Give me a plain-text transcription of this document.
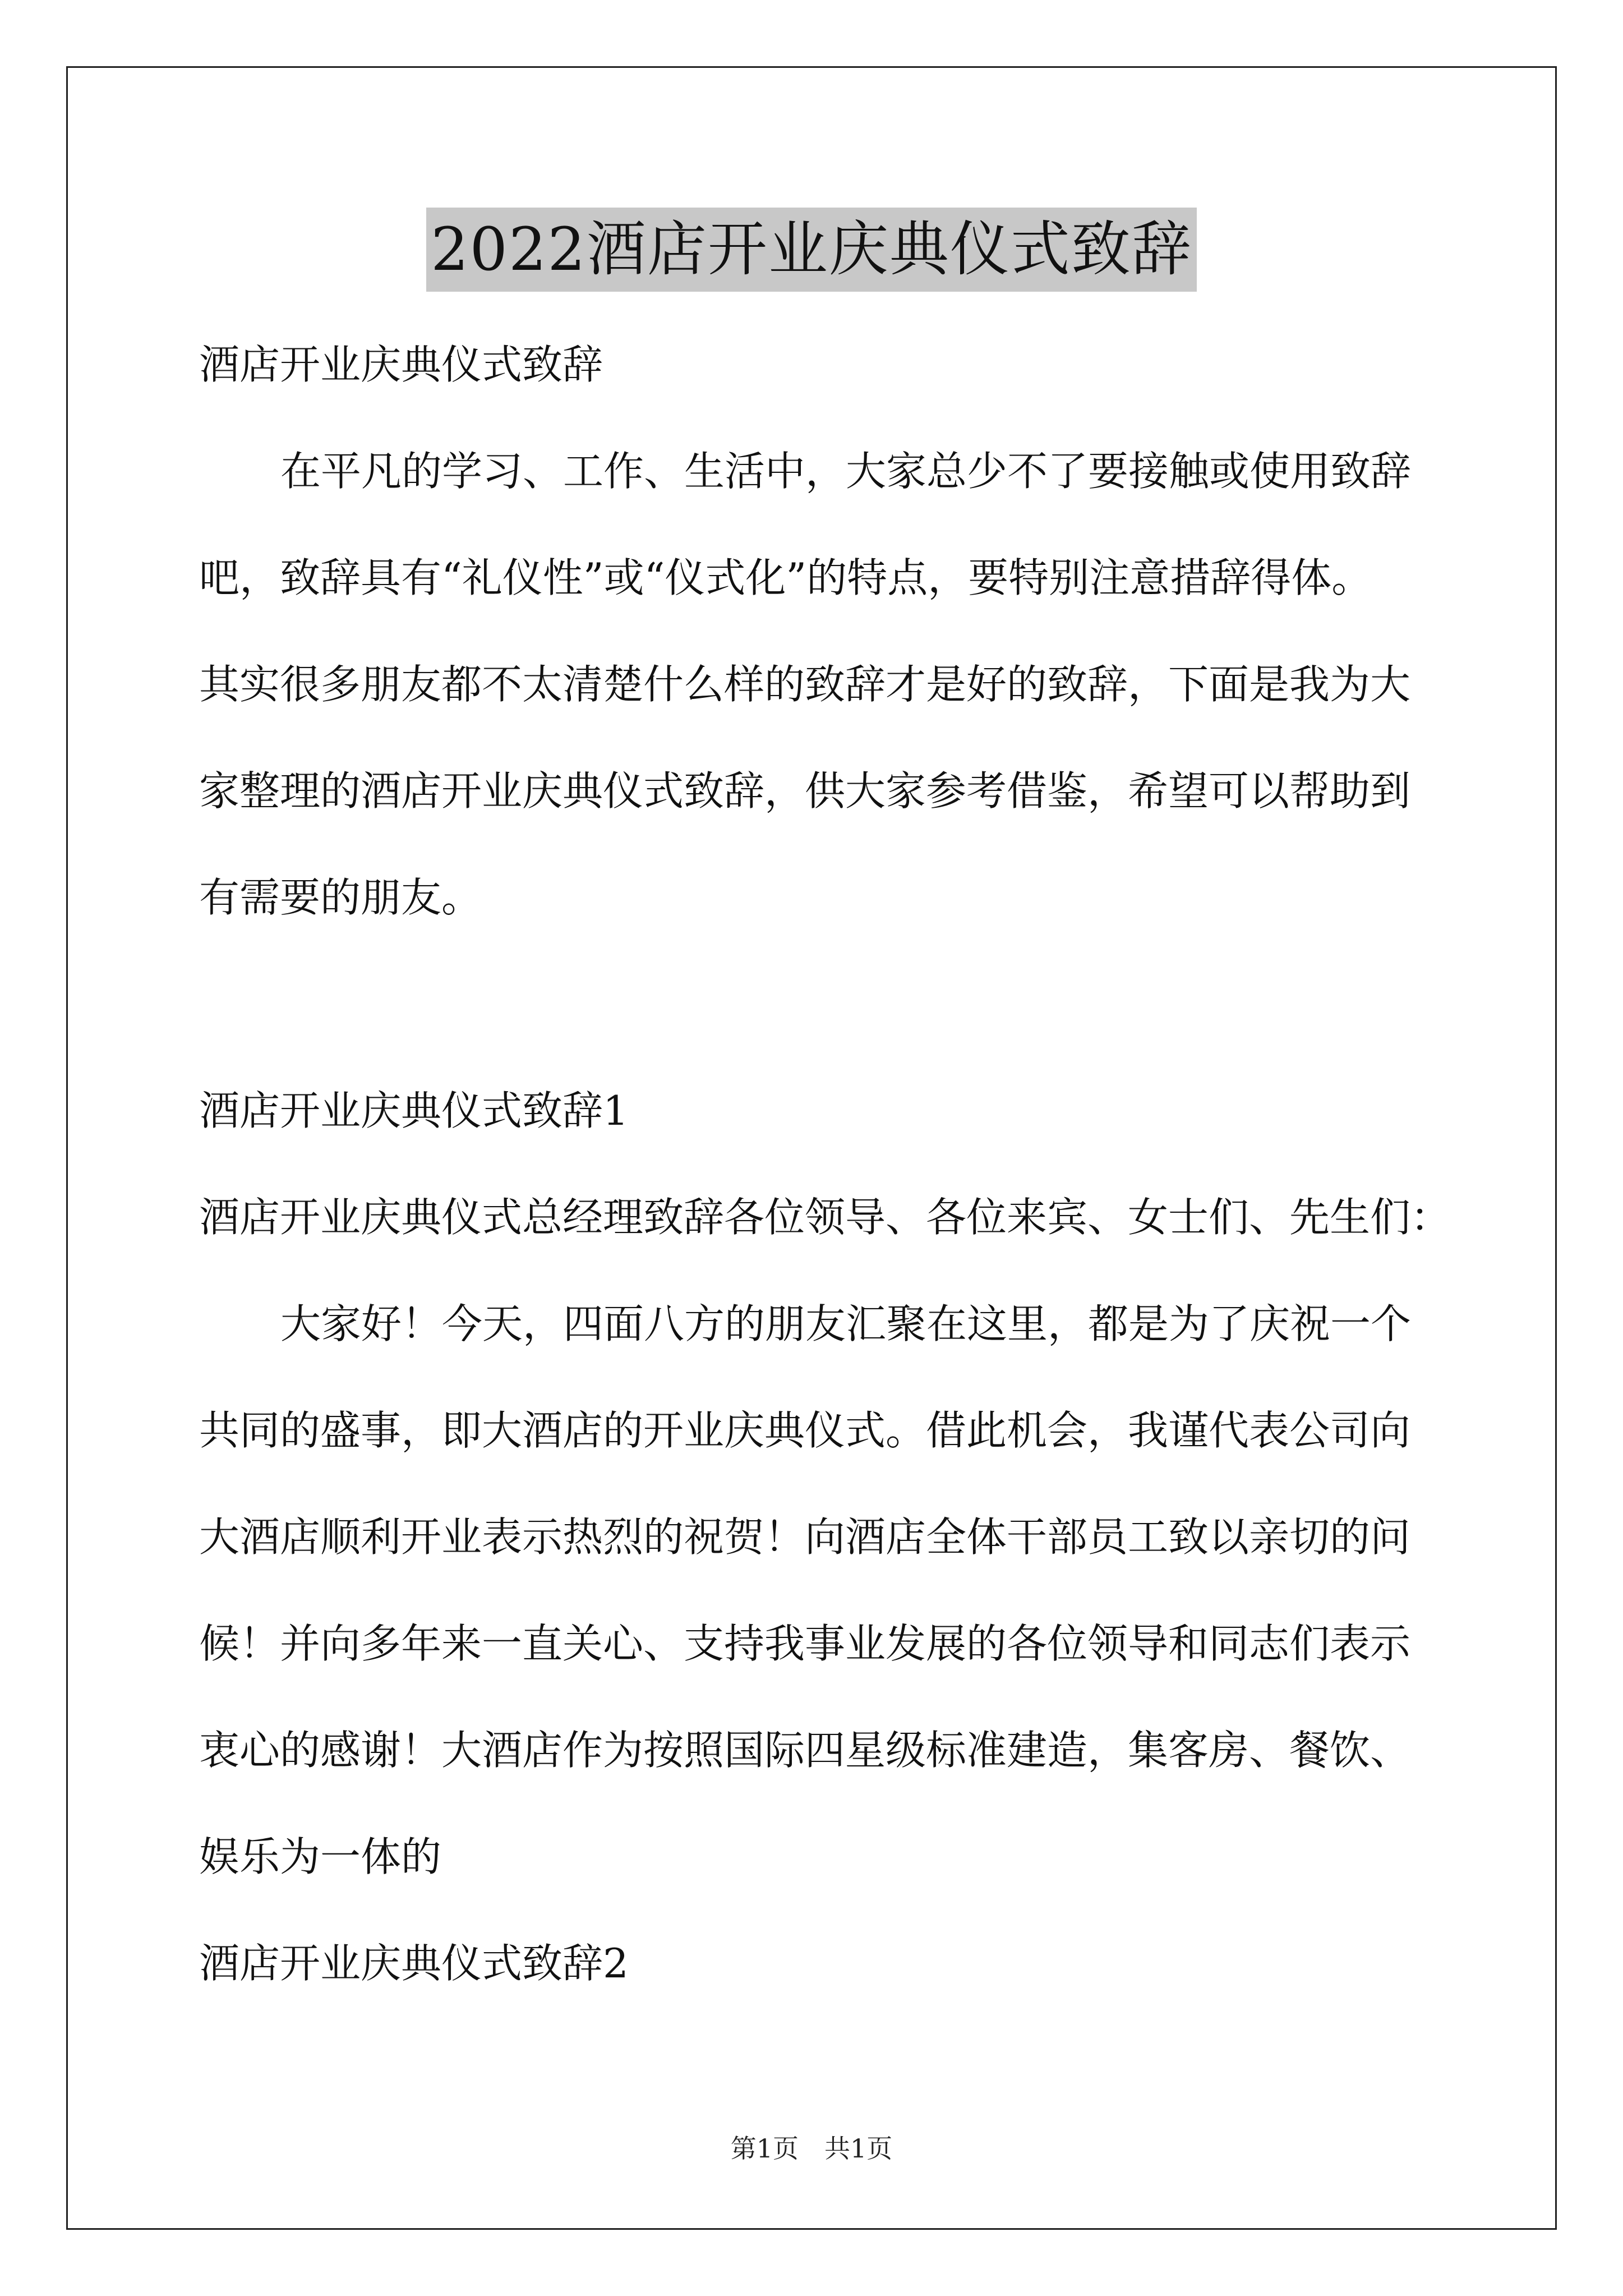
2022酒店开业庆典仪式致辞
酒店开业庆典仪式致辞
在平凡的学习、工作、生活中，大家总少不了要接触或使用致辞
吧，致辞具有“礼仪性”或“仪式化”的特点，要特别注意措辞得体。
其实很多朋友都不太清楚什么样的致辞才是好的致辞，下面是我为大
家整理的酒店开业庆典仪式致辞，供大家参考借鉴，希望可以帮助到
有需要的朋友。
酒店开业庆典仪式致辞1
酒店开业庆典仪式总经理致辞各位领导、各位来宾、女士们、先生们：
大家好！今天，四面八方的朋友汇聚在这里，都是为了庆祝一个
共同的盛事，即大酒店的开业庆典仪式。借此机会，我谨代表公司向
大酒店顺利开业表示热烈的祝贺！向酒店全体干部员工致以亲切的问
候！并向多年来一直关心、支持我事业发展的各位领导和同志们表示
衷心的感谢！大酒店作为按照国际四星级标准建造，集客房、餐饮、
娱乐为一体的
酒店开业庆典仪式致辞2
第1页 共1页
